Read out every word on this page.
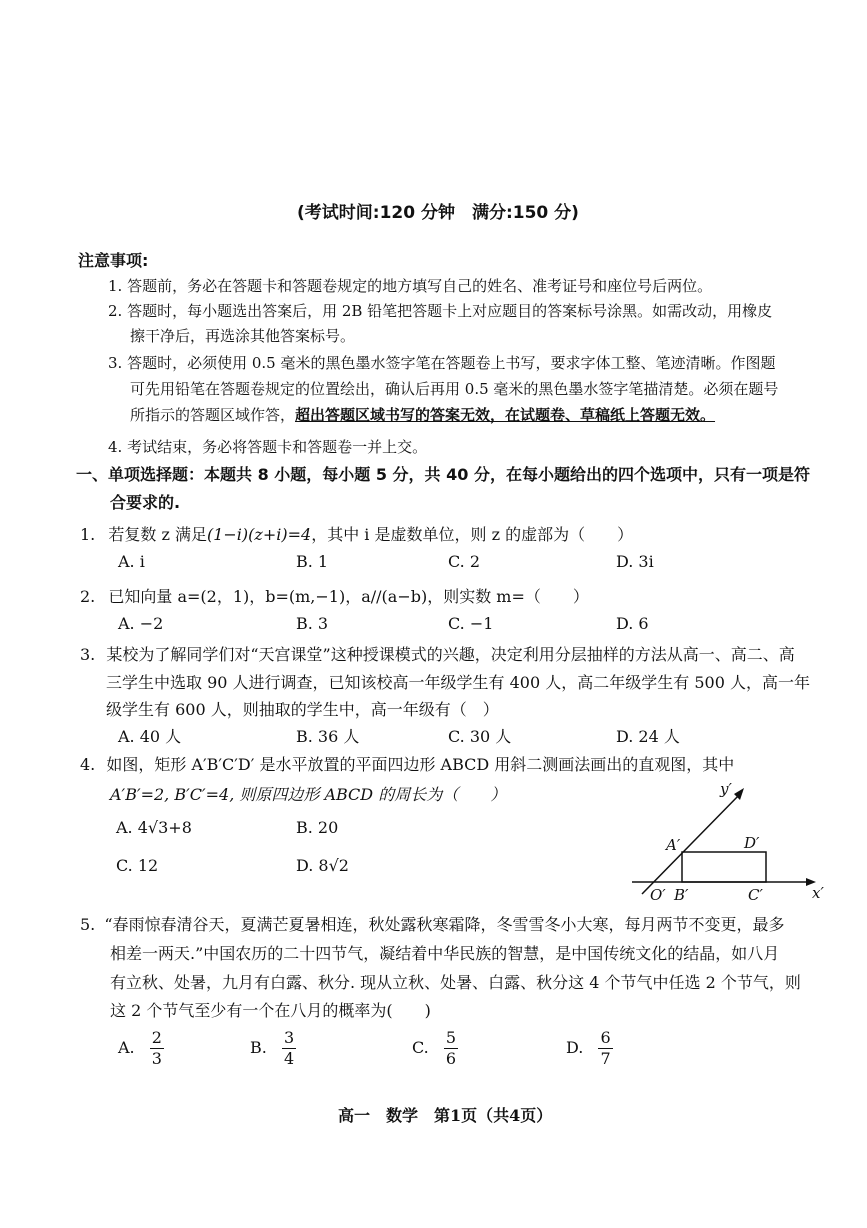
(考试时间:120 分钟　满分:150 分)
注意事项:
1. 答题前，务必在答题卡和答题卷规定的地方填写自己的姓名、准考证号和座位号后两位。
2. 答题时，每小题选出答案后，用 2B 铅笔把答题卡上对应题目的答案标号涂黑。如需改动，用橡皮
擦干净后，再选涂其他答案标号。
3. 答题时，必须使用 0.5 毫米的黑色墨水签字笔在答题卷上书写，要求字体工整、笔迹清晰。作图题
可先用铅笔在答题卷规定的位置绘出，确认后再用 0.5 毫米的黑色墨水签字笔描清楚。必须在题号
所指示的答题区域作答，超出答题区域书写的答案无效，在试题卷、草稿纸上答题无效。
4. 考试结束，务必将答题卡和答题卷一并上交。
一、单项选择题：本题共 8 小题，每小题 5 分，共 40 分，在每小题给出的四个选项中，只有一项是符
合要求的.
1. 若复数 z 满足(1−i)(z+i)=4，其中 i 是虚数单位，则 z 的虚部为（　　）
A. i	B. 1	C. 2	D. 3i
2. 已知向量 a=(2，1)，b=(m,−1)，a//(a−b)，则实数 m=（　　）
A. −2	B. 3	C. −1	D. 6
3. 某校为了解同学们对“天宫课堂”这种授课模式的兴趣，决定利用分层抽样的方法从高一、高二、高
三学生中选取 90 人进行调查，已知该校高一年级学生有 400 人，高二年级学生有 500 人，高一年
级学生有 600 人，则抽取的学生中，高一年级有（　）
A. 40 人	B. 36 人	C. 30 人	D. 24 人
4. 如图，矩形 A′B′C′D′ 是水平放置的平面四边形 ABCD 用斜二测画法画出的直观图，其中
A′B′=2, B′C′=4, 则原四边形 ABCD 的周长为（　　）
A. 4√3+8	B. 20
C. 12	D. 8√2
y′
x′
O′ B′	C′
A′	D′
5. “春雨惊春清谷天，夏满芒夏暑相连，秋处露秋寒霜降，冬雪雪冬小大寒，每月两节不变更，最多
相差一两天.”中国农历的二十四节气，凝结着中华民族的智慧，是中国传统文化的结晶，如八月
有立秋、处暑，九月有白露、秋分. 现从立秋、处暑、白露、秋分这 4 个节气中任选 2 个节气，则
这 2 个节气至少有一个在八月的概率为(　　)
A. $\frac{2}{3}$	B. $\frac{3}{4}$	C. $\frac{5}{6}$	D. $\frac{6}{7}$
高一　数学　第1页（共4页）
